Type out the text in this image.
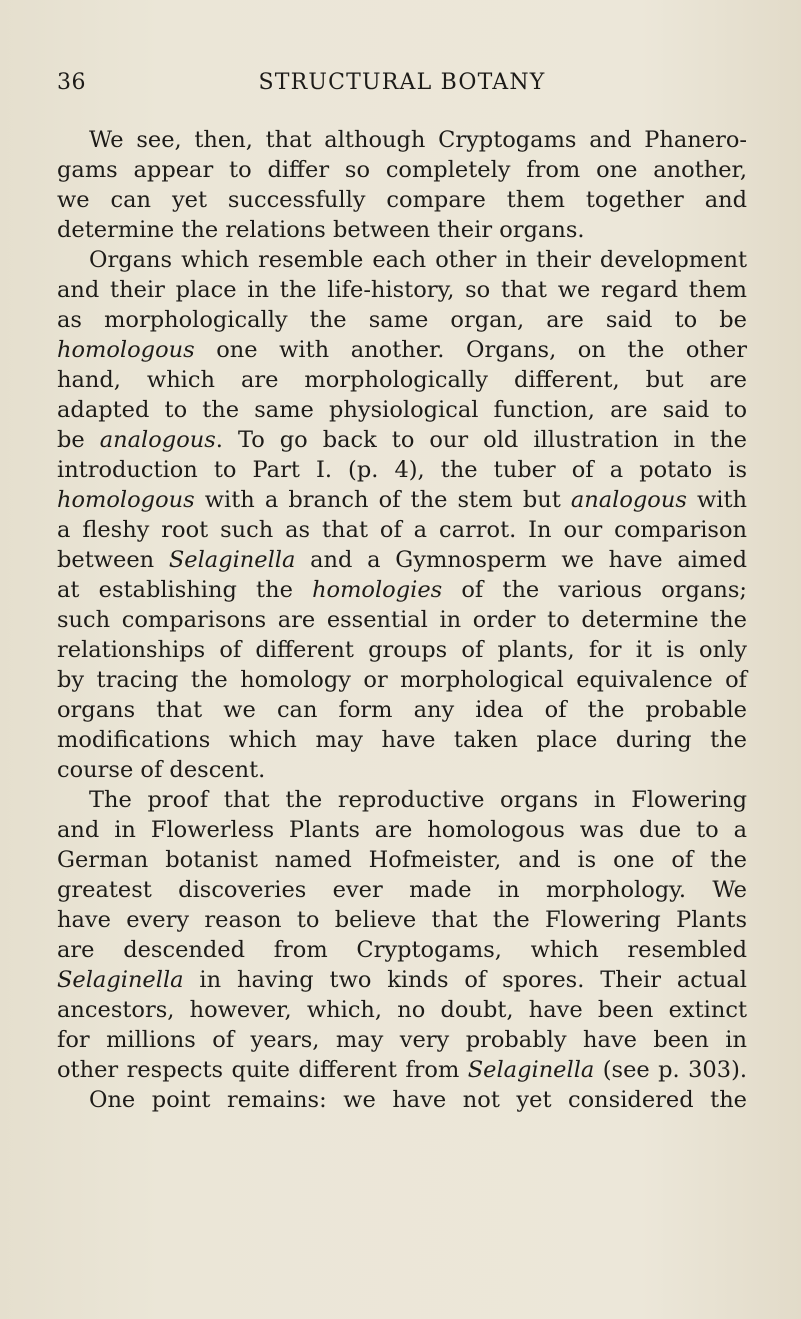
36	STRUCTURAL BOTANY
We see, then, that although Cryptogams and Phanero-
gams appear to differ so completely from one another,
we can yet successfully compare them together and
determine the relations between their organs.
Organs which resemble each other in their development
and their place in the life-history, so that we regard them
as morphologically the same organ, are said to be
homologous one with another. Organs, on the other
hand, which are morphologically different, but are
adapted to the same physiological function, are said to
be analogous. To go back to our old illustration in the
introduction to Part I. (p. 4), the tuber of a potato is
homologous with a branch of the stem but analogous with
a fleshy root such as that of a carrot. In our comparison
between Selaginella and a Gymnosperm we have aimed
at establishing the homologies of the various organs;
such comparisons are essential in order to determine the
relationships of different groups of plants, for it is only
by tracing the homology or morphological equivalence of
organs that we can form any idea of the probable
modifications which may have taken place during the
course of descent.
The proof that the reproductive organs in Flowering
and in Flowerless Plants are homologous was due to a
German botanist named Hofmeister, and is one of the
greatest discoveries ever made in morphology. We
have every reason to believe that the Flowering Plants
are descended from Cryptogams, which resembled
Selaginella in having two kinds of spores. Their actual
ancestors, however, which, no doubt, have been extinct
for millions of years, may very probably have been in
other respects quite different from Selaginella (see p. 303).
One point remains: we have not yet considered the
